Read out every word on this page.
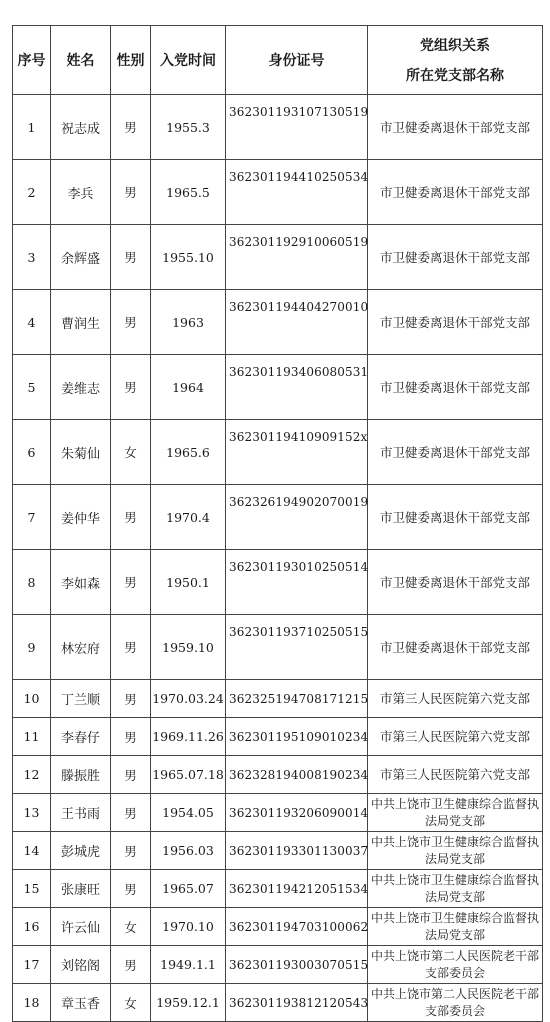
序号	姓名	性别	入党时间	身份证号	党组织关系
所在党支部名称

1	祝志成	男	1955.3	362301193107130519	市卫健委离退休干部党支部
2	李兵	男	1965.5	362301194410250534	市卫健委离退休干部党支部
3	余辉盛	男	1955.10	362301192910060519	市卫健委离退休干部党支部
4	曹润生	男	1963	362301194404270010	市卫健委离退休干部党支部
5	姜维志	男	1964	362301193406080531	市卫健委离退休干部党支部
6	朱菊仙	女	1965.6	36230119410909152x	市卫健委离退休干部党支部
7	姜仲华	男	1970.4	362326194902070019	市卫健委离退休干部党支部
8	李如森	男	1950.1	362301193010250514	市卫健委离退休干部党支部
9	林宏府	男	1959.10	362301193710250515	市卫健委离退休干部党支部
10	丁兰顺	男	1970.03.24	362325194708171215	市第三人民医院第六党支部
11	李春仔	男	1969.11.26	362301195109010234	市第三人民医院第六党支部
12	滕振胜	男	1965.07.18	362328194008190234	市第三人民医院第六党支部
13	王书雨	男	1954.05	362301193206090014	中共上饶市卫生健康综合监督执法局党支部
14	彭城虎	男	1956.03	362301193301130037	中共上饶市卫生健康综合监督执法局党支部
15	张康旺	男	1965.07	362301194212051534	中共上饶市卫生健康综合监督执法局党支部
16	许云仙	女	1970.10	362301194703100062	中共上饶市卫生健康综合监督执法局党支部
17	刘铭阁	男	1949.1.1	362301193003070515	中共上饶市第二人民医院老干部支部委员会
18	章玉香	女	1959.12.1	362301193812120543	中共上饶市第二人民医院老干部支部委员会
